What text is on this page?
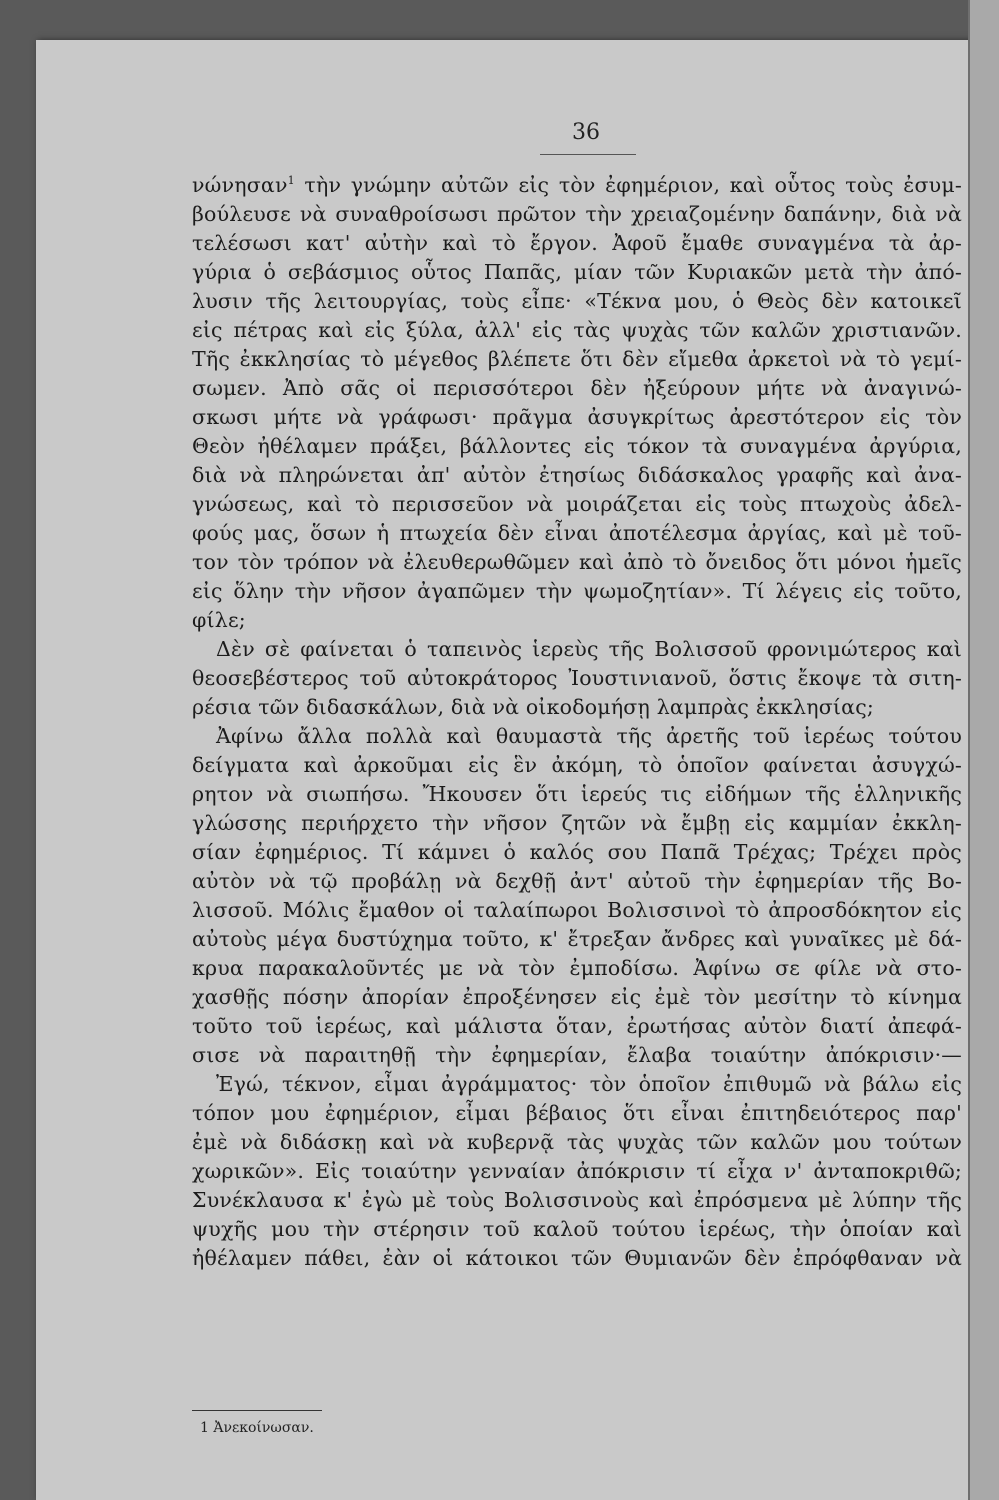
36
νώνησαν$^1$ τὴν γνώμην αὐτῶν εἰς τὸν ἐφημέριον, καὶ οὗτος τοὺς ἐσυμ-
βούλευσε νὰ συναθροίσωσι πρῶτον τὴν χρειαζομένην δαπάνην, διὰ νὰ
τελέσωσι κατ' αὐτὴν καὶ τὸ ἔργον. Ἀφοῦ ἔμαθε συναγμένα τὰ ἀρ-
γύρια ὁ σεβάσμιος οὗτος Παπᾶς, μίαν τῶν Κυριακῶν μετὰ τὴν ἀπό-
λυσιν τῆς λειτουργίας, τοὺς εἶπε· «Τέκνα μου, ὁ Θεὸς δὲν κατοικεῖ
εἰς πέτρας καὶ εἰς ξύλα, ἀλλ' εἰς τὰς ψυχὰς τῶν καλῶν χριστιανῶν.
Τῆς ἐκκλησίας τὸ μέγεθος βλέπετε ὅτι δὲν εἴμεθα ἀρκετοὶ νὰ τὸ γεμί-
σωμεν. Ἀπὸ σᾶς οἱ περισσότεροι δὲν ἠξεύρουν μήτε νὰ ἀναγινώ-
σκωσι μήτε νὰ γράφωσι· πρᾶγμα ἀσυγκρίτως ἀρεστότερον εἰς τὸν
Θεὸν ἠθέλαμεν πράξει, βάλλοντες εἰς τόκον τὰ συναγμένα ἀργύρια,
διὰ νὰ πληρώνεται ἀπ' αὐτὸν ἐτησίως διδάσκαλος γραφῆς καὶ ἀνα-
γνώσεως, καὶ τὸ περισσεῦον νὰ μοιράζεται εἰς τοὺς πτωχοὺς ἀδελ-
φούς μας, ὅσων ἡ πτωχεία δὲν εἶναι ἀποτέλεσμα ἀργίας, καὶ μὲ τοῦ-
τον τὸν τρόπον νὰ ἐλευθερωθῶμεν καὶ ἀπὸ τὸ ὄνειδος ὅτι μόνοι ἡμεῖς
εἰς ὅλην τὴν νῆσον ἀγαπῶμεν τὴν ψωμοζητίαν». Τί λέγεις εἰς τοῦτο,
φίλε;
Δὲν σὲ φαίνεται ὁ ταπεινὸς ἱερεὺς τῆς Βολισσοῦ φρονιμώτερος καὶ
θεοσεβέστερος τοῦ αὐτοκράτορος Ἰουστινιανοῦ, ὅστις ἔκοψε τὰ σιτη-
ρέσια τῶν διδασκάλων, διὰ νὰ οἰκοδομήσῃ λαμπρὰς ἐκκλησίας;
Ἀφίνω ἄλλα πολλὰ καὶ θαυμαστὰ τῆς ἀρετῆς τοῦ ἱερέως τούτου
δείγματα καὶ ἀρκοῦμαι εἰς ἓν ἀκόμη, τὸ ὁποῖον φαίνεται ἀσυγχώ-
ρητον νὰ σιωπήσω. Ἤκουσεν ὅτι ἱερεύς τις εἰδήμων τῆς ἑλληνικῆς
γλώσσης περιήρχετο τὴν νῆσον ζητῶν νὰ ἔμβῃ εἰς καμμίαν ἐκκλη-
σίαν ἐφημέριος. Τί κάμνει ὁ καλός σου Παπᾶ Τρέχας; Τρέχει πρὸς
αὐτὸν νὰ τῷ προβάλῃ νὰ δεχθῇ ἀντ' αὐτοῦ τὴν ἐφημερίαν τῆς Βο-
λισσοῦ. Μόλις ἔμαθον οἱ ταλαίπωροι Βολισσινοὶ τὸ ἀπροσδόκητον εἰς
αὐτοὺς μέγα δυστύχημα τοῦτο, κ' ἔτρεξαν ἄνδρες καὶ γυναῖκες μὲ δά-
κρυα παρακαλοῦντές με νὰ τὸν ἐμποδίσω. Ἀφίνω σε φίλε νὰ στο-
χασθῇς πόσην ἀπορίαν ἐπροξένησεν εἰς ἐμὲ τὸν μεσίτην τὸ κίνημα
τοῦτο τοῦ ἱερέως, καὶ μάλιστα ὅταν, ἐρωτήσας αὐτὸν διατί ἀπεφά-
σισε νὰ παραιτηθῇ τὴν ἐφημερίαν, ἔλαβα τοιαύτην ἀπόκρισιν·—
Ἐγώ, τέκνον, εἶμαι ἀγράμματος· τὸν ὁποῖον ἐπιθυμῶ νὰ βάλω εἰς
τόπον μου ἐφημέριον, εἶμαι βέβαιος ὅτι εἶναι ἐπιτηδειότερος παρ'
ἐμὲ νὰ διδάσκῃ καὶ νὰ κυβερνᾷ τὰς ψυχὰς τῶν καλῶν μου τούτων
χωρικῶν». Εἰς τοιαύτην γενναίαν ἀπόκρισιν τί εἶχα ν' ἀνταποκριθῶ;
Συνέκλαυσα κ' ἐγὼ μὲ τοὺς Βολισσινοὺς καὶ ἐπρόσμενα μὲ λύπην τῆς
ψυχῆς μου τὴν στέρησιν τοῦ καλοῦ τούτου ἱερέως, τὴν ὁποίαν καὶ
ἠθέλαμεν πάθει, ἐὰν οἱ κάτοικοι τῶν Θυμιανῶν δὲν ἐπρόφθαναν νὰ
1 Ἀνεκοίνωσαν.
